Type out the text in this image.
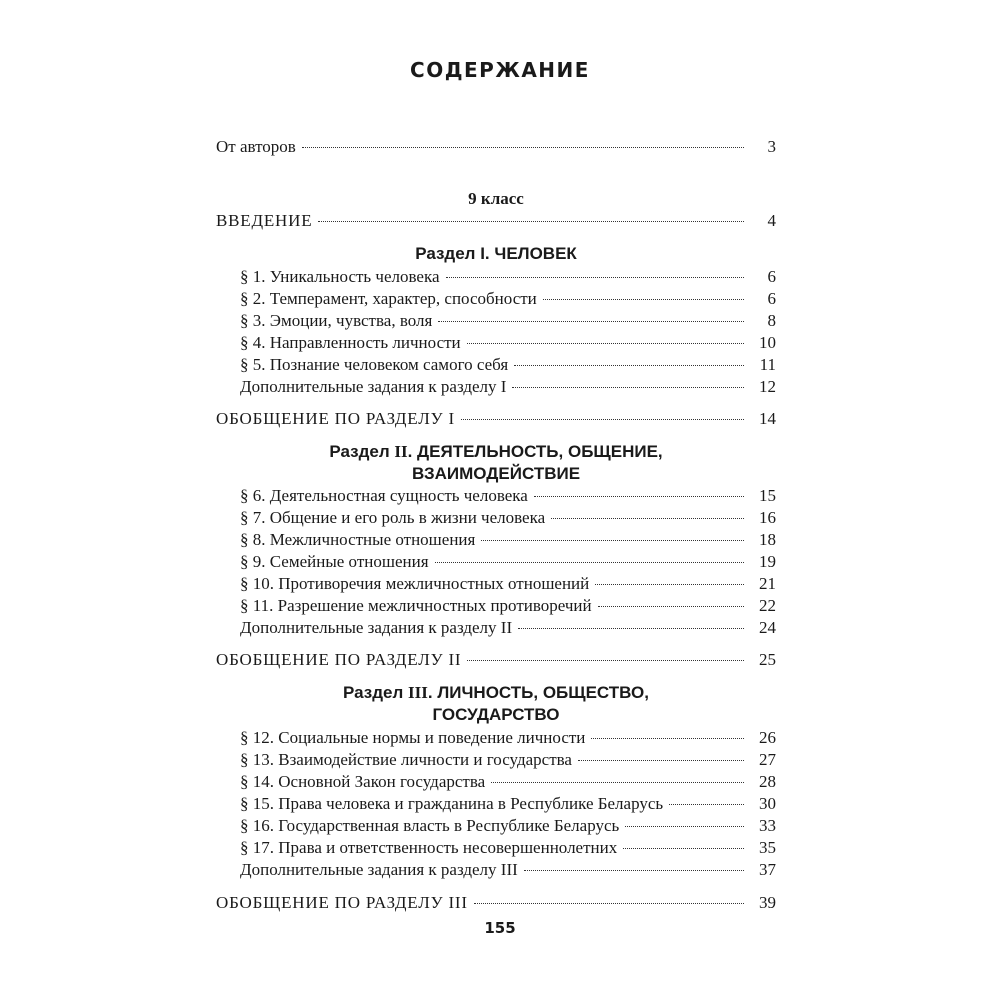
СОДЕРЖАНИЕ
От авторов	3
9 класс
ВВЕДЕНИЕ	4
Раздел I. ЧЕЛОВЕК
§ 1. Уникальность человека	6
§ 2. Темперамент, характер, способности	6
§ 3. Эмоции, чувства, воля	8
§ 4. Направленность личности	10
§ 5. Познание человеком самого себя	11
Дополнительные задания к разделу I	12
ОБОБЩЕНИЕ ПО РАЗДЕЛУ I	14
Раздел II. ДЕЯТЕЛЬНОСТЬ, ОБЩЕНИЕ,
ВЗАИМОДЕЙСТВИЕ
§ 6. Деятельностная сущность человека	15
§ 7. Общение и его роль в жизни человека	16
§ 8. Межличностные отношения	18
§ 9. Семейные отношения	19
§ 10. Противоречия межличностных отношений	21
§ 11. Разрешение межличностных противоречий	22
Дополнительные задания к разделу II	24
ОБОБЩЕНИЕ ПО РАЗДЕЛУ II	25
Раздел III. ЛИЧНОСТЬ, ОБЩЕСТВО,
ГОСУДАРСТВО
§ 12. Социальные нормы и поведение личности	26
§ 13. Взаимодействие личности и государства	27
§ 14. Основной Закон государства	28
§ 15. Права человека и гражданина в Республике Беларусь	30
§ 16. Государственная власть в Республике Беларусь	33
§ 17. Права и ответственность несовершеннолетних	35
Дополнительные задания к разделу III	37
ОБОБЩЕНИЕ ПО РАЗДЕЛУ III	39
155
